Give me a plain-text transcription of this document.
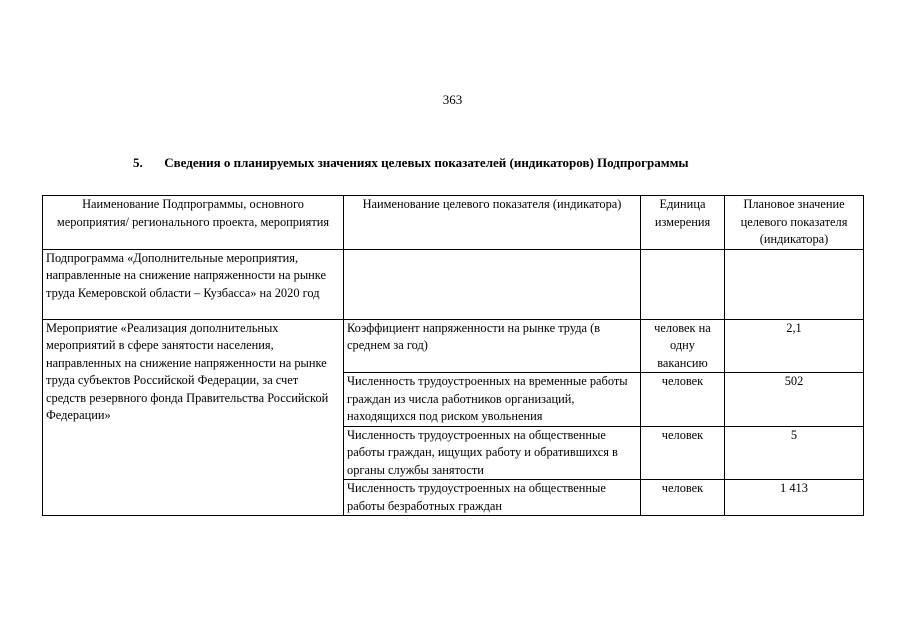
363
5. Сведения о планируемых значениях целевых показателей (индикаторов) Подпрограммы
Наименование Подпрограммы, основного мероприятия/ регионального проекта, мероприятия	Наименование целевого показателя (индикатора)	Единица измерения	Плановое значение целевого показателя (индикатора)
Подпрограмма «Дополнительные мероприятия, направленные на снижение напряженности на рынке труда Кемеровской области – Кузбасса» на 2020 год			
Мероприятие «Реализация дополнительных мероприятий в сфере занятости населения, направленных на снижение напряженности на рынке труда субъектов Российской Федерации, за счет средств резервного фонда Правительства Российской Федерации»	Коэффициент напряженности на рынке труда (в среднем за год)	человек на одну вакансию	2,1
	Численность трудоустроенных на временные работы граждан из числа работников организаций, находящихся под риском увольнения	человек	502
	Численность трудоустроенных на общественные работы граждан, ищущих работу и обратившихся в органы службы занятости	человек	5
	Численность трудоустроенных на общественные работы безработных граждан	человек	1 413
